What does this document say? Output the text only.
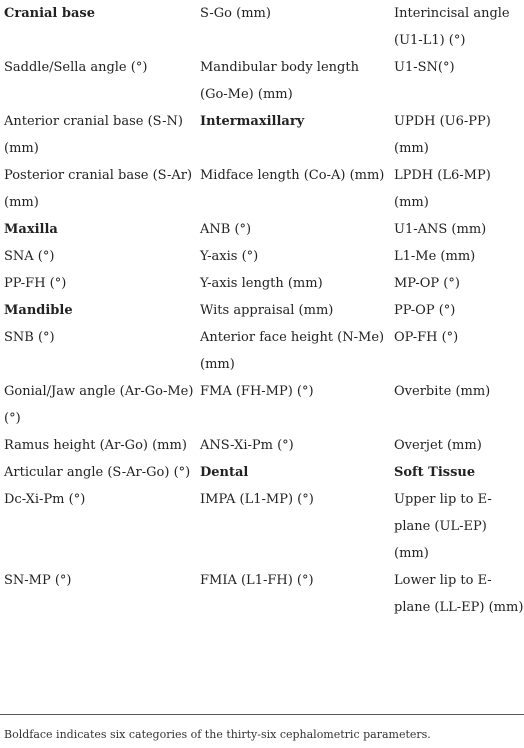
Cranial base	S-Go (mm)	Interincisal angle (U1-L1) (°)
Saddle/Sella angle (°)	Mandibular body length (Go-Me) (mm)	U1-SN(°)
Anterior cranial base (S-N) (mm)	Intermaxillary	UPDH (U6-PP) (mm)
Posterior cranial base (S-Ar) (mm)	Midface length (Co-A) (mm)	LPDH (L6-MP) (mm)
Maxilla	ANB (°)	U1-ANS (mm)
SNA (°)	Y-axis (°)	L1-Me (mm)
PP-FH (°)	Y-axis length (mm)	MP-OP (°)
Mandible	Wits appraisal (mm)	PP-OP (°)
SNB (°)	Anterior face height (N-Me) (mm)	OP-FH (°)
Gonial/Jaw angle (Ar-Go-Me)(°)	FMA (FH-MP) (°)	Overbite (mm)
Ramus height (Ar-Go) (mm)	ANS-Xi-Pm (°)	Overjet (mm)
Articular angle (S-Ar-Go) (°)	Dental	Soft Tissue
Dc-Xi-Pm (°)	IMPA (L1-MP) (°)	Upper lip to E-plane (UL-EP) (mm)
SN-MP (°)	FMIA (L1-FH) (°)	Lower lip to E-plane (LL-EP) (mm)
Boldface indicates six categories of the thirty-six cephalometric parameters.
